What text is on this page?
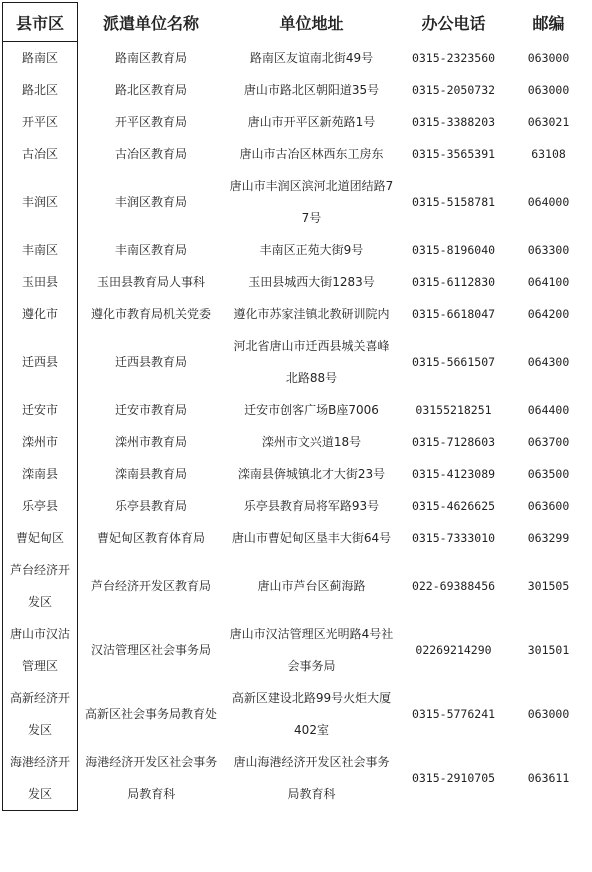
县市区	派遣单位名称	单位地址	办公电话	邮编
路南区	路南区教育局	路南区友谊南北街49号	0315-2323560	063000
路北区	路北区教育局	唐山市路北区朝阳道35号	0315-2050732	063000
开平区	开平区教育局	唐山市开平区新苑路1号	0315-3388203	063021
古冶区	古冶区教育局	唐山市古冶区林西东工房东	0315-3565391	63108
丰润区	丰润区教育局	唐山市丰润区滨河北道团结路77号	0315-5158781	064000
丰南区	丰南区教育局	丰南区正苑大街9号	0315-8196040	063300
玉田县	玉田县教育局人事科	玉田县城西大街1283号	0315-6112830	064100
遵化市	遵化市教育局机关党委	遵化市苏家洼镇北教研训院内	0315-6618047	064200
迁西县	迁西县教育局	河北省唐山市迁西县城关喜峰北路88号	0315-5661507	064300
迁安市	迁安市教育局	迁安市创客广场B座7006	03155218251	064400
滦州市	滦州市教育局	滦州市文兴道18号	0315-7128603	063700
滦南县	滦南县教育局	滦南县倴城镇北才大街23号	0315-4123089	063500
乐亭县	乐亭县教育局	乐亭县教育局将军路93号	0315-4626625	063600
曹妃甸区	曹妃甸区教育体育局	唐山市曹妃甸区垦丰大街64号	0315-7333010	063299
芦台经济开发区	芦台经济开发区教育局	唐山市芦台区蓟海路	022-69388456	301505
唐山市汉沽管理区	汉沽管理区社会事务局	唐山市汉沽管理区光明路4号社会事务局	02269214290	301501
高新经济开发区	高新区社会事务局教育处	高新区建设北路99号火炬大厦402室	0315-5776241	063000
海港经济开发区	海港经济开发区社会事务局教育科	唐山海港经济开发区社会事务局教育科	0315-2910705	063611
